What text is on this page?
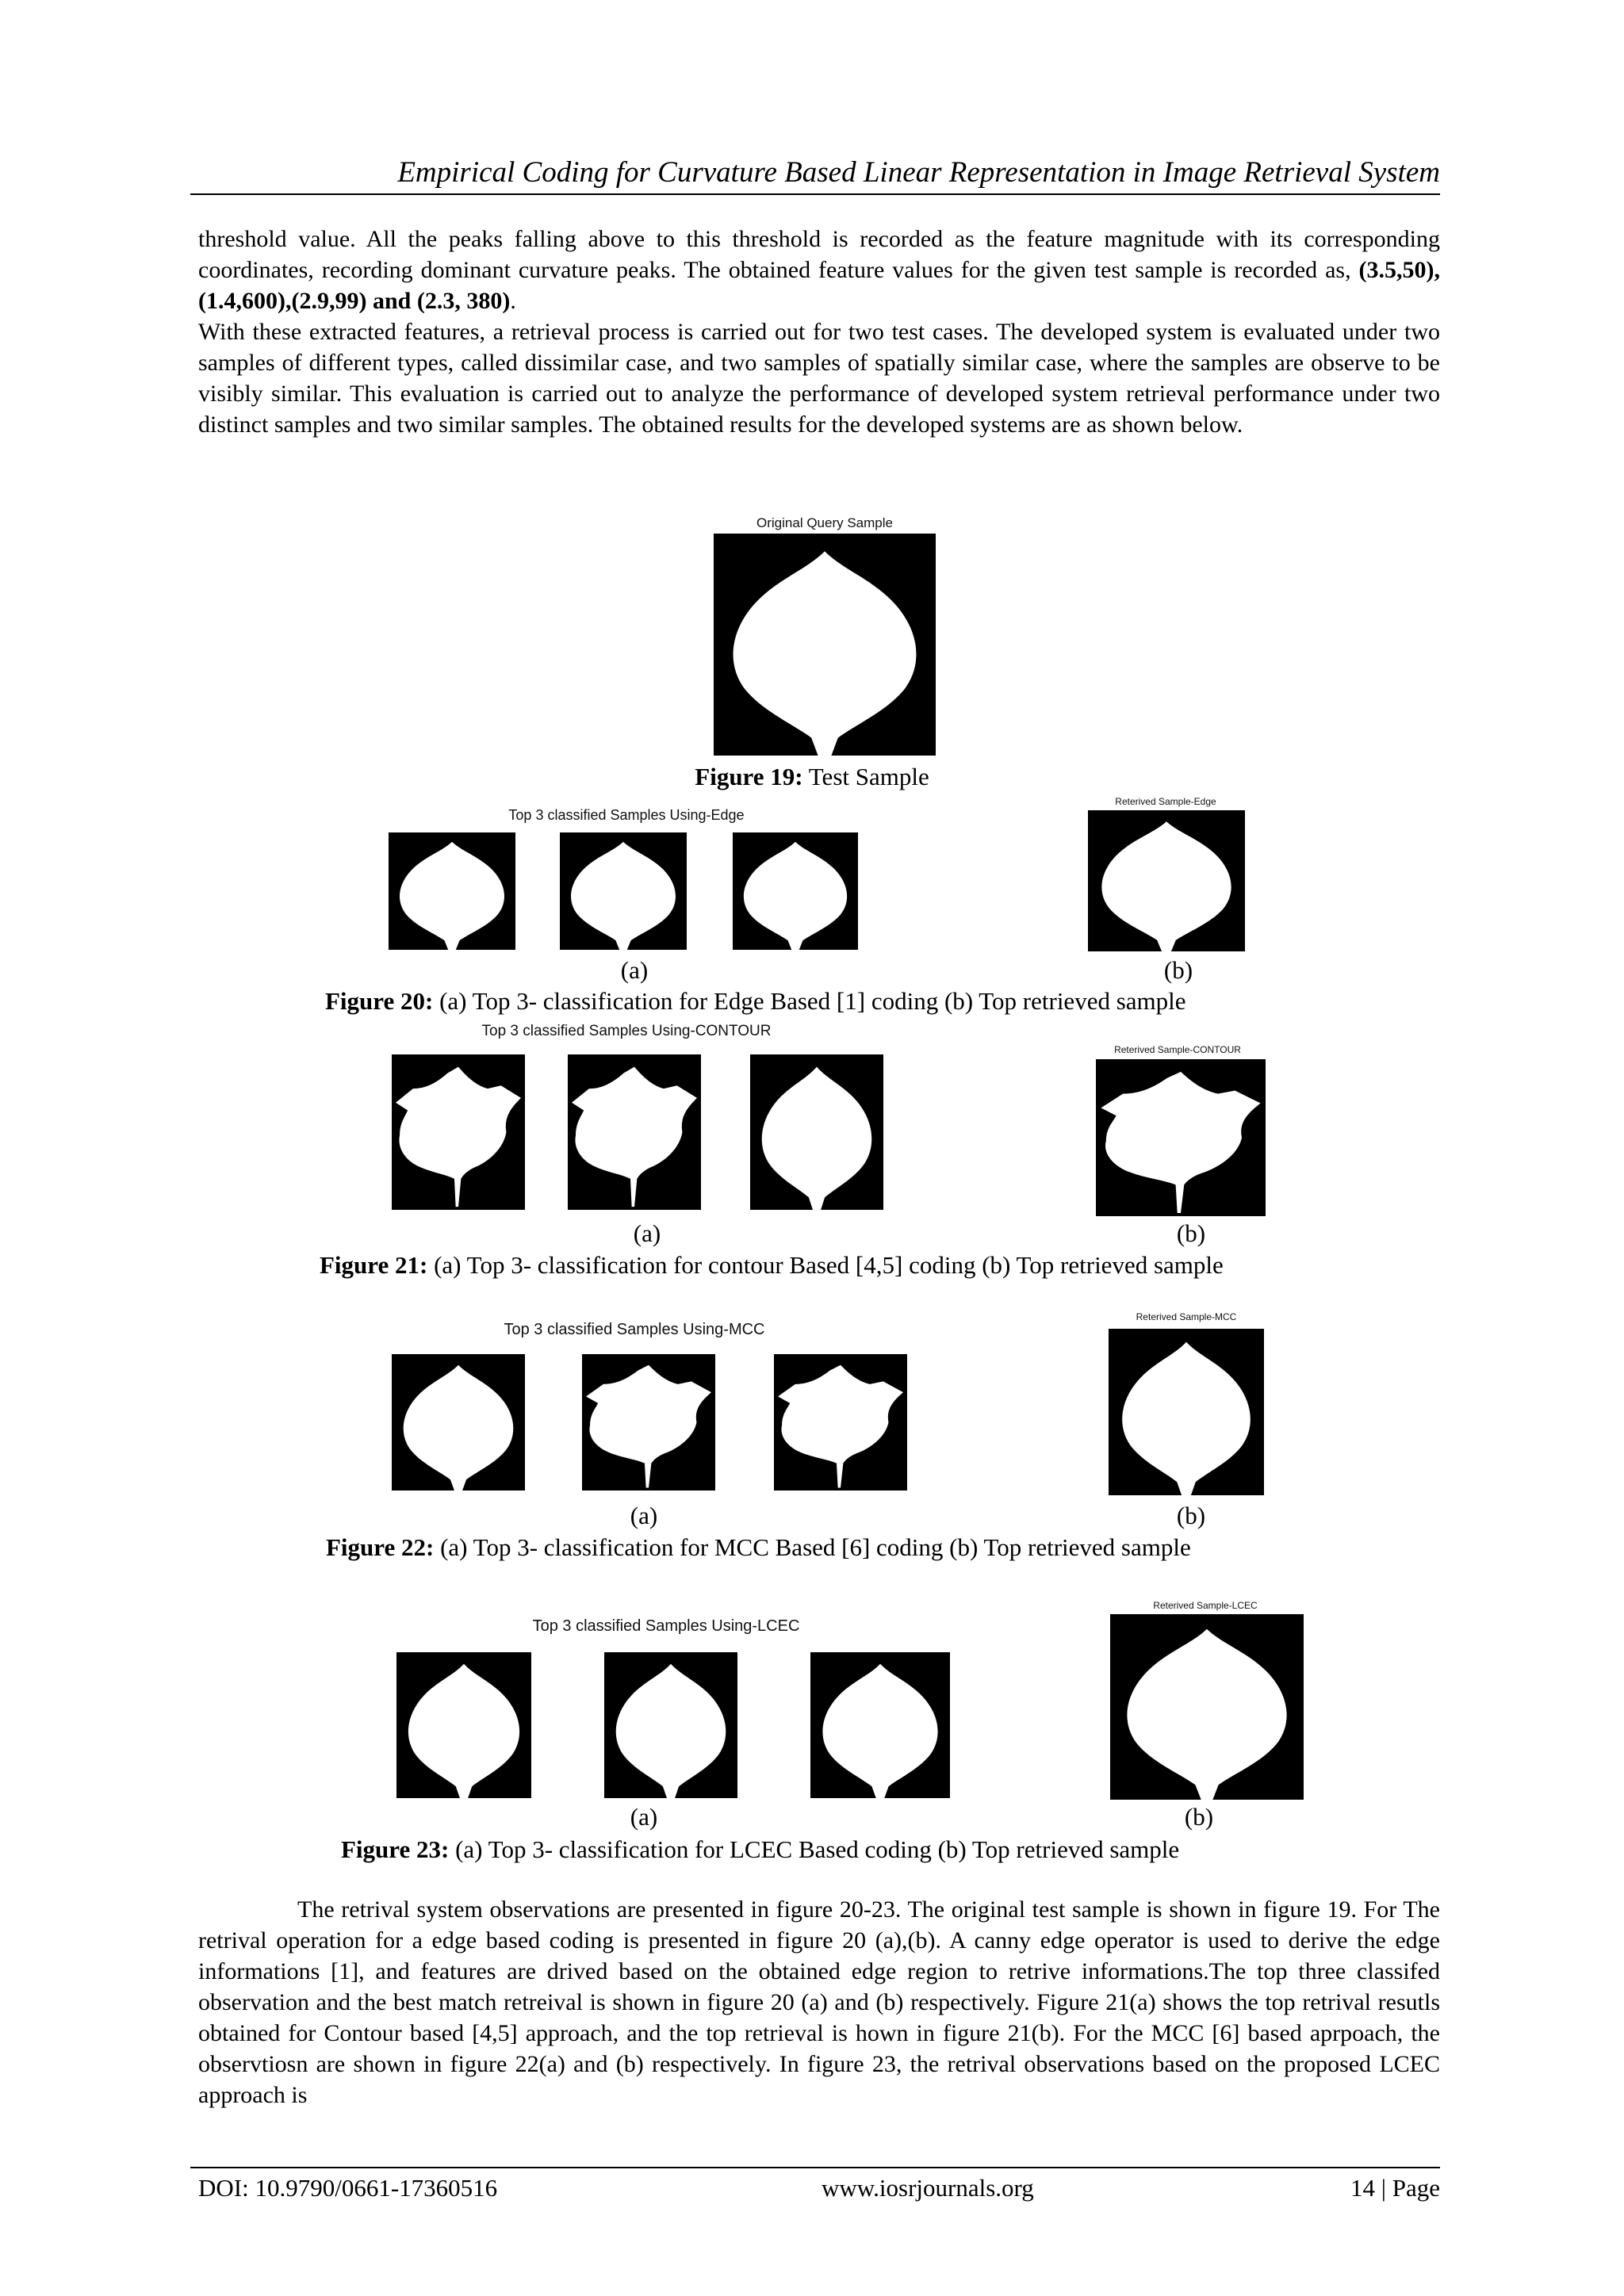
Empirical Coding for Curvature Based Linear Representation in Image Retrieval System

threshold value. All the peaks falling above to this threshold is recorded as the feature magnitude with its corresponding coordinates, recording dominant curvature peaks. The obtained feature values for the given test sample is recorded as, (3.5,50),(1.4,600),(2.9,99) and (2.3, 380).

With these extracted features, a retrieval process is carried out for two test cases. The developed system is evaluated under two samples of different types, called dissimilar case, and two samples of spatially similar case, where the samples are observe to be visibly similar. This evaluation is carried out to analyze the performance of developed system retrieval performance under two distinct samples and two similar samples. The obtained results for the developed systems are as shown below.

Original Query Sample
Figure 19: Test Sample
Top 3 classified Samples Using-Edge
Reterived Sample-Edge
(a)	(b)
Figure 20: (a) Top 3- classification for Edge Based [1] coding (b) Top retrieved sample
Top 3 classified Samples Using-CONTOUR
Reterived Sample-CONTOUR
(a)	(b)
Figure 21: (a) Top 3- classification for contour Based [4,5] coding (b) Top retrieved sample
Top 3 classified Samples Using-MCC
Reterived Sample-MCC
(a)	(b)
Figure 22: (a) Top 3- classification for MCC Based [6] coding (b) Top retrieved sample
Top 3 classified Samples Using-LCEC
Reterived Sample-LCEC
(a)	(b)
Figure 23: (a) Top 3- classification for LCEC Based coding (b) Top retrieved sample

The retrival system observations are presented in figure 20-23. The original test sample is shown in figure 19. For The retrival operation for a edge based coding is presented in figure 20 (a),(b). A canny edge operator is used to derive the edge informations [1], and features are drived based on the obtained edge region to retrive informations.The top three classifed observation and the best match retreival is shown in figure 20 (a) and (b) respectively. Figure 21(a) shows the top retrival resutls obtained for Contour based [4,5] approach, and the top retrieval is hown in figure 21(b). For the MCC [6] based aprpoach, the observtiosn are shown in figure 22(a) and (b) respectively. In figure 23, the retrival observations based on the proposed LCEC approach is

DOI: 10.9790/0661-17360516	www.iosrjournals.org	14 | Page
